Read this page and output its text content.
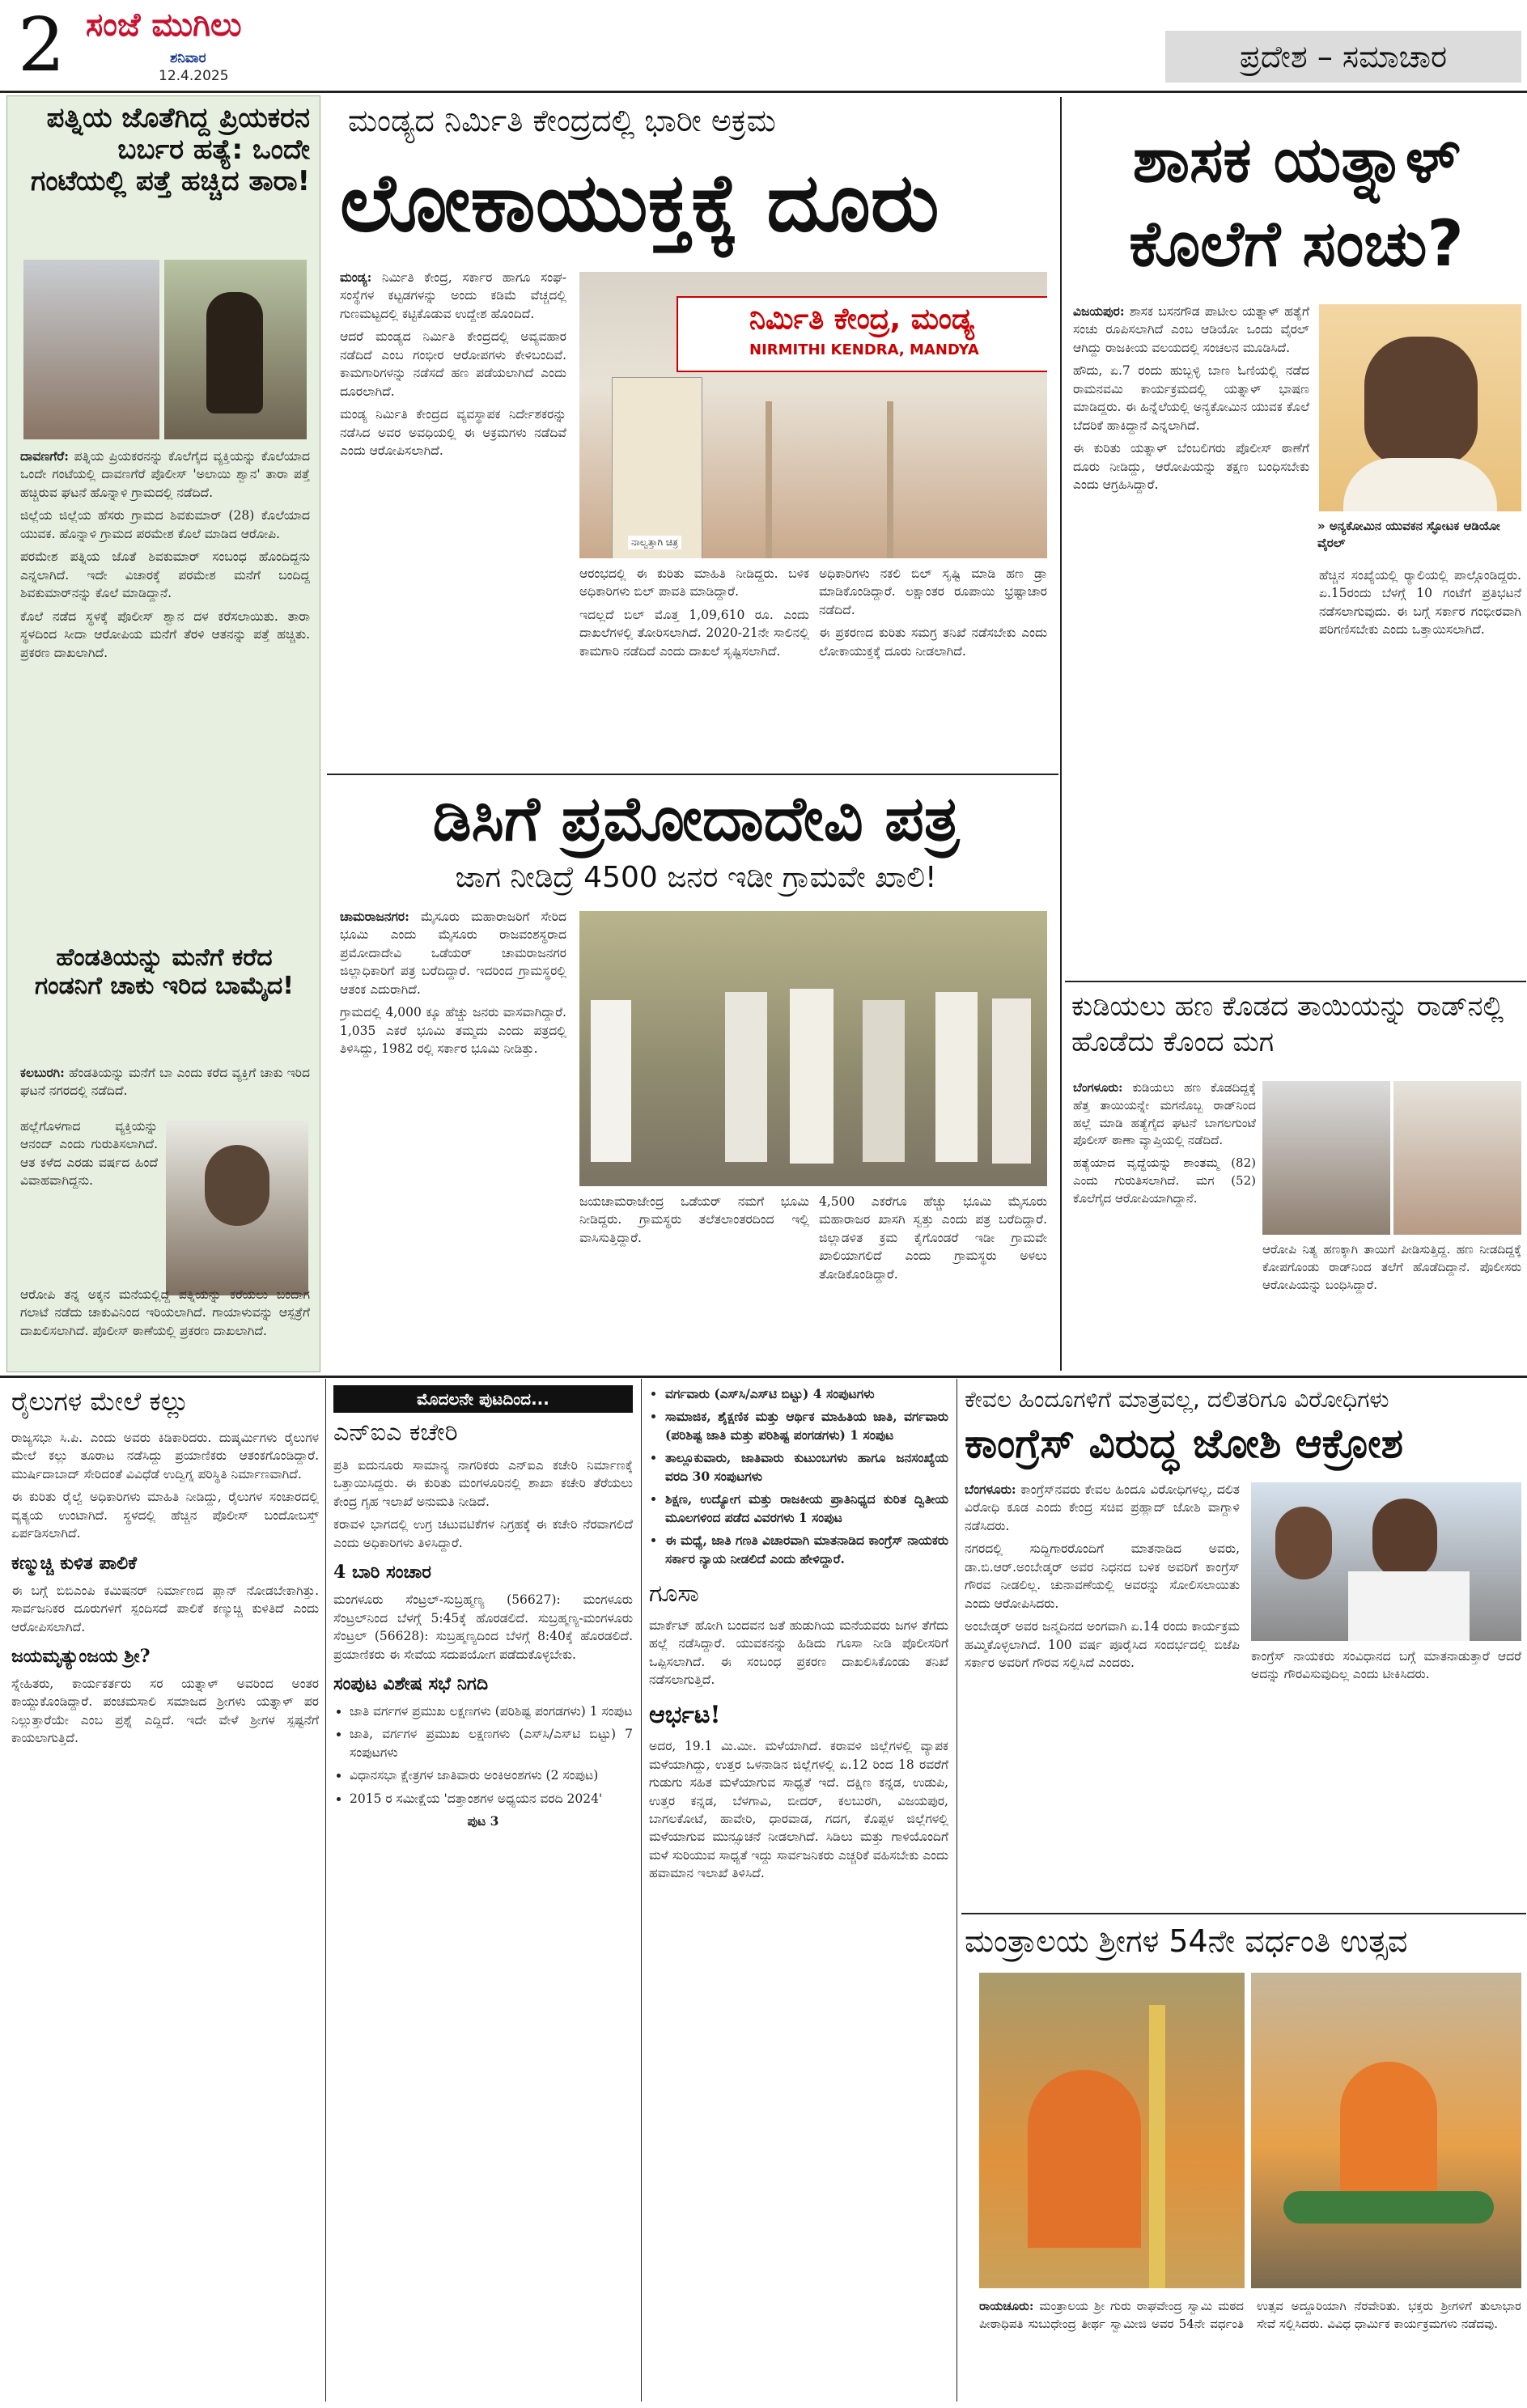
2 ಸಂಜೆ ಮುಗಿಲು
ಶನಿವಾರ
12.4.2025
ಪ್ರದೇಶ – ಸಮಾಚಾರ
ಪತ್ನಿಯ ಜೊತೆಗಿದ್ದ ಪ್ರಿಯಕರನ ಬರ್ಬರ ಹತ್ಯೆ: ಒಂದೇ ಗಂಟೆಯಲ್ಲಿ ಪತ್ತೆ ಹಚ್ಚಿದ ತಾರಾ!

ದಾವಣಗೆರೆ: ಪತ್ನಿಯ ಪ್ರಿಯಕರನನ್ನು ಕೊಲೆಗೈದ ವ್ಯಕ್ತಿಯನ್ನು ಕೊಲೆಯಾದ ಒಂದೇ ಗಂಟೆಯಲ್ಲಿ ದಾವಣಗೆರೆ ಪೊಲೀಸ್ 'ಅಲಾಯಿ ಶ್ವಾನ' ತಾರಾ ಪತ್ತೆ ಹಚ್ಚಿರುವ ಘಟನೆ ಹೊನ್ನಾಳಿ ಗ್ರಾಮದಲ್ಲಿ ನಡೆದಿದೆ.

ಜಿಲ್ಲೆಯ ಜಿಲ್ಲೆಯ ಹೆಸರು ಗ್ರಾಮದ ಶಿವಕುಮಾರ್ (28) ಕೊಲೆಯಾದ ಯುವಕ. ಹೊನ್ನಾಳಿ ಗ್ರಾಮದ ಪರಮೇಶ ಕೊಲೆ ಮಾಡಿದ ಆರೋಪಿ.

ಪರಮೇಶ ಪತ್ನಿಯ ಜೊತೆ ಶಿವಕುಮಾರ್ ಸಂಬಂಧ ಹೊಂದಿದ್ದನು ಎನ್ನಲಾಗಿದೆ. ಇದೇ ವಿಚಾರಕ್ಕೆ ಪರಮೇಶ ಮನೆಗೆ ಬಂದಿದ್ದ ಶಿವಕುಮಾರ್‌ನನ್ನು ಕೊಲೆ ಮಾಡಿದ್ದಾನೆ.

ಕೊಲೆ ನಡೆದ ಸ್ಥಳಕ್ಕೆ ಪೊಲೀಸ್ ಶ್ವಾನ ದಳ ಕರೆಸಲಾಯಿತು. ತಾರಾ ಸ್ಥಳದಿಂದ ಸೀದಾ ಆರೋಪಿಯ ಮನೆಗೆ ತೆರಳಿ ಆತನನ್ನು ಪತ್ತೆ ಹಚ್ಚಿತು. ಪ್ರಕರಣ ದಾಖಲಾಗಿದೆ.

ಹೆಂಡತಿಯನ್ನು ಮನೆಗೆ ಕರೆದ ಗಂಡನಿಗೆ ಚಾಕು ಇರಿದ ಬಾಮೈದ!

ಕಲಬುರಗಿ: ಹೆಂಡತಿಯನ್ನು ಮನೆಗೆ ಬಾ ಎಂದು ಕರೆದ ವ್ಯಕ್ತಿಗೆ ಚಾಕು ಇರಿದ ಘಟನೆ ನಗರದಲ್ಲಿ ನಡೆದಿದೆ.

ಹಲ್ಲೆಗೊಳಗಾದ ವ್ಯಕ್ತಿಯನ್ನು ಆನಂದ್ ಎಂದು ಗುರುತಿಸಲಾಗಿದೆ. ಆತ ಕಳೆದ ಎರಡು ವರ್ಷದ ಹಿಂದೆ ವಿವಾಹವಾಗಿದ್ದನು.

ಆರೋಪಿ ತನ್ನ ಅಕ್ಕನ ಮನೆಯಲ್ಲಿದ್ದ ಪತ್ನಿಯನ್ನು ಕರೆಯಲು ಬಂದಾಗ ಗಲಾಟೆ ನಡೆದು ಚಾಕುವಿನಿಂದ ಇರಿಯಲಾಗಿದೆ. ಗಾಯಾಳುವನ್ನು ಆಸ್ಪತ್ರೆಗೆ ದಾಖಲಿಸಲಾಗಿದೆ. ಪೊಲೀಸ್ ಠಾಣೆಯಲ್ಲಿ ಪ್ರಕರಣ ದಾಖಲಾಗಿದೆ.

ಮಂಡ್ಯದ ನಿರ್ಮಿತಿ ಕೇಂದ್ರದಲ್ಲಿ ಭಾರೀ ಅಕ್ರಮ
ಲೋಕಾಯುಕ್ತಕ್ಕೆ ದೂರು

ಮಂಡ್ಯ: ನಿರ್ಮಿತಿ ಕೇಂದ್ರ, ಸರ್ಕಾರ ಹಾಗೂ ಸಂಘ-ಸಂಸ್ಥೆಗಳ ಕಟ್ಟಡಗಳನ್ನು ಅಂದು ಕಡಿಮೆ ವೆಚ್ಚದಲ್ಲಿ ಗುಣಮಟ್ಟದಲ್ಲಿ ಕಟ್ಟಿಕೊಡುವ ಉದ್ದೇಶ ಹೊಂದಿದೆ.

ಆದರೆ ಮಂಡ್ಯದ ನಿರ್ಮಿತಿ ಕೇಂದ್ರದಲ್ಲಿ ಅವ್ಯವಹಾರ ನಡೆದಿದೆ ಎಂಬ ಗಂಭೀರ ಆರೋಪಗಳು ಕೇಳಿಬಂದಿವೆ. ಕಾಮಗಾರಿಗಳನ್ನು ನಡೆಸದೆ ಹಣ ಪಡೆಯಲಾಗಿದೆ ಎಂದು ದೂರಲಾಗಿದೆ.

ಮಂಡ್ಯ ನಿರ್ಮಿತಿ ಕೇಂದ್ರದ ವ್ಯವಸ್ಥಾಪಕ ನಿರ್ದೇಶಕರನ್ನು ನಡೆಸಿದ ಅವರ ಅವಧಿಯಲ್ಲಿ ಈ ಅಕ್ರಮಗಳು ನಡೆದಿವೆ ಎಂದು ಆರೋಪಿಸಲಾಗಿದೆ.

ನಿರ್ಮಿತಿ ಕೇಂದ್ರ, ಮಂಡ್ಯ
NIRMITHI KENDRA, MANDYA
ನಾಲ್ವತ್ತಾಗಿ ಚಿತ್ರ

ಆರಂಭದಲ್ಲಿ ಈ ಕುರಿತು ಮಾಹಿತಿ ನೀಡಿದ್ದರು. ಬಳಿಕ ಅಧಿಕಾರಿಗಳು ಬಿಲ್ ಪಾವತಿ ಮಾಡಿದ್ದಾರೆ.

ಇದಲ್ಲದೆ ಬಿಲ್ ಮೊತ್ತ 1,09,610 ರೂ. ಎಂದು ದಾಖಲೆಗಳಲ್ಲಿ ತೋರಿಸಲಾಗಿದೆ. 2020-21ನೇ ಸಾಲಿನಲ್ಲಿ ಕಾಮಗಾರಿ ನಡೆದಿದೆ ಎಂದು ದಾಖಲೆ ಸೃಷ್ಟಿಸಲಾಗಿದೆ.

ಅಧಿಕಾರಿಗಳು ನಕಲಿ ಬಿಲ್ ಸೃಷ್ಟಿ ಮಾಡಿ ಹಣ ಡ್ರಾ ಮಾಡಿಕೊಂಡಿದ್ದಾರೆ. ಲಕ್ಷಾಂತರ ರೂಪಾಯಿ ಭ್ರಷ್ಟಾಚಾರ ನಡೆದಿದೆ.

ಈ ಪ್ರಕರಣದ ಕುರಿತು ಸಮಗ್ರ ತನಿಖೆ ನಡೆಸಬೇಕು ಎಂದು ಲೋಕಾಯುಕ್ತಕ್ಕೆ ದೂರು ನೀಡಲಾಗಿದೆ.

ಶಾಸಕ ಯತ್ನಾಳ್ ಕೊಲೆಗೆ ಸಂಚು?

ವಿಜಯಪುರ: ಶಾಸಕ ಬಸನಗೌಡ ಪಾಟೀಲ ಯತ್ನಾಳ್ ಹತ್ಯೆಗೆ ಸಂಚು ರೂಪಿಸಲಾಗಿದೆ ಎಂಬ ಆಡಿಯೋ ಒಂದು ವೈರಲ್ ಆಗಿದ್ದು ರಾಜಕೀಯ ವಲಯದಲ್ಲಿ ಸಂಚಲನ ಮೂಡಿಸಿದೆ.

ಹೌದು, ಏ.7 ರಂದು ಹುಬ್ಬಳ್ಳಿ ಬಾಣ ಓಣಿಯಲ್ಲಿ ನಡೆದ ರಾಮನವಮಿ ಕಾರ್ಯಕ್ರಮದಲ್ಲಿ ಯತ್ನಾಳ್ ಭಾಷಣ ಮಾಡಿದ್ದರು. ಈ ಹಿನ್ನೆಲೆಯಲ್ಲಿ ಅನ್ಯಕೋಮಿನ ಯುವಕ ಕೊಲೆ ಬೆದರಿಕೆ ಹಾಕಿದ್ದಾನೆ ಎನ್ನಲಾಗಿದೆ.

ಈ ಕುರಿತು ಯತ್ನಾಳ್ ಬೆಂಬಲಿಗರು ಪೊಲೀಸ್ ಠಾಣೆಗೆ ದೂರು ನೀಡಿದ್ದು, ಆರೋಪಿಯನ್ನು ತಕ್ಷಣ ಬಂಧಿಸಬೇಕು ಎಂದು ಆಗ್ರಹಿಸಿದ್ದಾರೆ.

» ಅನ್ಯಕೋಮಿನ ಯುವಕನ ಸ್ಫೋಟಕ ಆಡಿಯೋ ವೈರಲ್

ಹೆಚ್ಚಿನ ಸಂಖ್ಯೆಯಲ್ಲಿ ರ್‍ಯಾಲಿಯಲ್ಲಿ ಪಾಲ್ಗೊಂಡಿದ್ದರು. ಏ.15ರಂದು ಬೆಳಗ್ಗೆ 10 ಗಂಟೆಗೆ ಪ್ರತಿಭಟನೆ ನಡೆಸಲಾಗುವುದು. ಈ ಬಗ್ಗೆ ಸರ್ಕಾರ ಗಂಭೀರವಾಗಿ ಪರಿಗಣಿಸಬೇಕು ಎಂದು ಒತ್ತಾಯಿಸಲಾಗಿದೆ.

ಕುಡಿಯಲು ಹಣ ಕೊಡದ ತಾಯಿಯನ್ನು ರಾಡ್‌ನಲ್ಲಿ ಹೊಡೆದು ಕೊಂದ ಮಗ

ಬೆಂಗಳೂರು: ಕುಡಿಯಲು ಹಣ ಕೊಡದಿದ್ದಕ್ಕೆ ಹೆತ್ತ ತಾಯಿಯನ್ನೇ ಮಗನೊಬ್ಬ ರಾಡ್‌ನಿಂದ ಹಲ್ಲೆ ಮಾಡಿ ಹತ್ಯೆಗೈದ ಘಟನೆ ಬಾಗಲಗುಂಟೆ ಪೊಲೀಸ್ ಠಾಣಾ ವ್ಯಾಪ್ತಿಯಲ್ಲಿ ನಡೆದಿದೆ.

ಹತ್ಯೆಯಾದ ವೃದ್ಧೆಯನ್ನು ಶಾಂತಮ್ಮ (82) ಎಂದು ಗುರುತಿಸಲಾಗಿದೆ. ಮಗ (52) ಕೊಲೆಗೈದ ಆರೋಪಿಯಾಗಿದ್ದಾನೆ.

ಆರೋಪಿ ನಿತ್ಯ ಹಣಕ್ಕಾಗಿ ತಾಯಿಗೆ ಪೀಡಿಸುತ್ತಿದ್ದ. ಹಣ ನೀಡದಿದ್ದಕ್ಕೆ ಕೋಪಗೊಂಡು ರಾಡ್‌ನಿಂದ ತಲೆಗೆ ಹೊಡೆದಿದ್ದಾನೆ. ಪೊಲೀಸರು ಆರೋಪಿಯನ್ನು ಬಂಧಿಸಿದ್ದಾರೆ.

ಡಿಸಿಗೆ ಪ್ರಮೋದಾದೇವಿ ಪತ್ರ
ಜಾಗ ನೀಡಿದ್ರೆ 4500 ಜನರ ಇಡೀ ಗ್ರಾಮವೇ ಖಾಲಿ!

ಚಾಮರಾಜನಗರ: ಮೈಸೂರು ಮಹಾರಾಜರಿಗೆ ಸೇರಿದ ಭೂಮಿ ಎಂದು ಮೈಸೂರು ರಾಜವಂಶಸ್ಥರಾದ ಪ್ರಮೋದಾದೇವಿ ಒಡೆಯರ್ ಚಾಮರಾಜನಗರ ಜಿಲ್ಲಾಧಿಕಾರಿಗೆ ಪತ್ರ ಬರೆದಿದ್ದಾರೆ. ಇದರಿಂದ ಗ್ರಾಮಸ್ಥರಲ್ಲಿ ಆತಂಕ ಎದುರಾಗಿದೆ.

ಗ್ರಾಮದಲ್ಲಿ 4,000 ಕ್ಕೂ ಹೆಚ್ಚು ಜನರು ವಾಸವಾಗಿದ್ದಾರೆ. 1,035 ಎಕರೆ ಭೂಮಿ ತಮ್ಮದು ಎಂದು ಪತ್ರದಲ್ಲಿ ತಿಳಿಸಿದ್ದು, 1982 ರಲ್ಲಿ ಸರ್ಕಾರ ಭೂಮಿ ನೀಡಿತ್ತು.

ಜಯಚಾಮರಾಜೇಂದ್ರ ಒಡೆಯರ್ ನಮಗೆ ಭೂಮಿ ನೀಡಿದ್ದರು. ಗ್ರಾಮಸ್ಥರು ತಲೆತಲಾಂತರದಿಂದ ಇಲ್ಲಿ ವಾಸಿಸುತ್ತಿದ್ದಾರೆ.

4,500 ಎಕರೆಗೂ ಹೆಚ್ಚು ಭೂಮಿ ಮೈಸೂರು ಮಹಾರಾಜರ ಖಾಸಗಿ ಸ್ವತ್ತು ಎಂದು ಪತ್ರ ಬರೆದಿದ್ದಾರೆ. ಜಿಲ್ಲಾಡಳಿತ ಕ್ರಮ ಕೈಗೊಂಡರೆ ಇಡೀ ಗ್ರಾಮವೇ ಖಾಲಿಯಾಗಲಿದೆ ಎಂದು ಗ್ರಾಮಸ್ಥರು ಅಳಲು ತೋಡಿಕೊಂಡಿದ್ದಾರೆ.

ರೈಲುಗಳ ಮೇಲೆ ಕಲ್ಲು

ರಾಜ್ಯಸಭಾ ಸಿ.ಪಿ. ಎಂದು ಅವರು ಕಿಡಿಕಾರಿದರು. ದುಷ್ಕರ್ಮಿಗಳು ರೈಲುಗಳ ಮೇಲೆ ಕಲ್ಲು ತೂರಾಟ ನಡೆಸಿದ್ದು ಪ್ರಯಾಣಿಕರು ಆತಂಕಗೊಂಡಿದ್ದಾರೆ. ಮುರ್ಷಿದಾಬಾದ್ ಸೇರಿದಂತೆ ವಿವಿಧೆಡೆ ಉದ್ವಿಗ್ನ ಪರಿಸ್ಥಿತಿ ನಿರ್ಮಾಣವಾಗಿದೆ.

ಈ ಕುರಿತು ರೈಲ್ವೆ ಅಧಿಕಾರಿಗಳು ಮಾಹಿತಿ ನೀಡಿದ್ದು, ರೈಲುಗಳ ಸಂಚಾರದಲ್ಲಿ ವ್ಯತ್ಯಯ ಉಂಟಾಗಿದೆ. ಸ್ಥಳದಲ್ಲಿ ಹೆಚ್ಚಿನ ಪೊಲೀಸ್ ಬಂದೋಬಸ್ತ್ ಏರ್ಪಡಿಸಲಾಗಿದೆ.

ಕಣ್ಮುಚ್ಚಿ ಕುಳಿತ ಪಾಲಿಕೆ

ಈ ಬಗ್ಗೆ ಬಿಬಿಎಂಪಿ ಕಮಿಷನರ್ ನಿರ್ಮಾಣದ ಪ್ಲಾನ್ ನೋಡಬೇಕಾಗಿತ್ತು. ಸಾರ್ವಜನಿಕರ ದೂರುಗಳಿಗೆ ಸ್ಪಂದಿಸದೆ ಪಾಲಿಕೆ ಕಣ್ಮುಚ್ಚಿ ಕುಳಿತಿದೆ ಎಂದು ಆರೋಪಿಸಲಾಗಿದೆ.

ಜಯಮೃತ್ಯುಂಜಯ ಶ್ರೀ?

ಸ್ನೇಹಿತರು, ಕಾರ್ಯಕರ್ತರು ಸರ ಯತ್ನಾಳ್ ಅವರಿಂದ ಅಂತರ ಕಾಯ್ದುಕೊಂಡಿದ್ದಾರೆ. ಪಂಚಮಸಾಲಿ ಸಮಾಜದ ಶ್ರೀಗಳು ಯತ್ನಾಳ್ ಪರ ನಿಲ್ಲುತ್ತಾರೆಯೇ ಎಂಬ ಪ್ರಶ್ನೆ ಎದ್ದಿದೆ. ಇದೇ ವೇಳೆ ಶ್ರೀಗಳ ಸ್ಪಷ್ಟನೆಗೆ ಕಾಯಲಾಗುತ್ತಿದೆ.

ಮೊದಲನೇ ಪುಟದಿಂದ...
ಎನ್‌ಐಎ ಕಚೇರಿ

ಪ್ರತಿ ಐದುನೂರು ಸಾಮಾನ್ಯ ನಾಗರಿಕರು ಎನ್‌ಐಎ ಕಚೇರಿ ನಿರ್ಮಾಣಕ್ಕೆ ಒತ್ತಾಯಿಸಿದ್ದರು. ಈ ಕುರಿತು ಮಂಗಳೂರಿನಲ್ಲಿ ಶಾಖಾ ಕಚೇರಿ ತೆರೆಯಲು ಕೇಂದ್ರ ಗೃಹ ಇಲಾಖೆ ಅನುಮತಿ ನೀಡಿದೆ.

ಕರಾವಳಿ ಭಾಗದಲ್ಲಿ ಉಗ್ರ ಚಟುವಟಿಕೆಗಳ ನಿಗ್ರಹಕ್ಕೆ ಈ ಕಚೇರಿ ನೆರವಾಗಲಿದೆ ಎಂದು ಅಧಿಕಾರಿಗಳು ತಿಳಿಸಿದ್ದಾರೆ.

4 ಬಾರಿ ಸಂಚಾರ

ಮಂಗಳೂರು ಸೆಂಟ್ರಲ್-ಸುಬ್ರಹ್ಮಣ್ಯ (56627): ಮಂಗಳೂರು ಸೆಂಟ್ರಲ್‌ನಿಂದ ಬೆಳಗ್ಗೆ 5:45ಕ್ಕೆ ಹೊರಡಲಿದೆ. ಸುಬ್ರಹ್ಮಣ್ಯ-ಮಂಗಳೂರು ಸೆಂಟ್ರಲ್ (56628): ಸುಬ್ರಹ್ಮಣ್ಯದಿಂದ ಬೆಳಗ್ಗೆ 8:40ಕ್ಕೆ ಹೊರಡಲಿದೆ. ಪ್ರಯಾಣಿಕರು ಈ ಸೇವೆಯ ಸದುಪಯೋಗ ಪಡೆದುಕೊಳ್ಳಬೇಕು.

ಸಂಪುಟ ವಿಶೇಷ ಸಭೆ ನಿಗದಿ
• ಜಾತಿ ವರ್ಗಗಳ ಪ್ರಮುಖ ಲಕ್ಷಣಗಳು (ಪರಿಶಿಷ್ಟ ಪಂಗಡಗಳು) 1 ಸಂಪುಟ
• ಜಾತಿ, ವರ್ಗಗಳ ಪ್ರಮುಖ ಲಕ್ಷಣಗಳು (ಎಸ್‌ಸಿ/ಎಸ್‌ಟಿ ಬಿಟ್ಟು) 7 ಸಂಪುಟಗಳು
• ವಿಧಾನಸಭಾ ಕ್ಷೇತ್ರಗಳ ಜಾತಿವಾರು ಅಂಕಿಅಂಶಗಳು (2 ಸಂಪುಟ)
• 2015 ರ ಸಮೀಕ್ಷೆಯ 'ದತ್ತಾಂಶಗಳ ಅಧ್ಯಯನ ವರದಿ 2024'
ಪುಟ 3
• ವರ್ಗವಾರು (ಎಸ್‌ಸಿ/ಎಸ್‌ಟಿ ಬಿಟ್ಟು) 4 ಸಂಪುಟಗಳು
• ಸಾಮಾಜಿಕ, ಶೈಕ್ಷಣಿಕ ಮತ್ತು ಆರ್ಥಿಕ ಮಾಹಿತಿಯ ಜಾತಿ, ವರ್ಗವಾರು (ಪರಿಶಿಷ್ಟ ಜಾತಿ ಮತ್ತು ಪರಿಶಿಷ್ಟ ಪಂಗಡಗಳು) 1 ಸಂಪುಟ
• ತಾಲ್ಲೂಕುವಾರು, ಜಾತಿವಾರು ಕುಟುಂಬಗಳು ಹಾಗೂ ಜನಸಂಖ್ಯೆಯ ವರದಿ 30 ಸಂಪುಟಗಳು
• ಶಿಕ್ಷಣ, ಉದ್ಯೋಗ ಮತ್ತು ರಾಜಕೀಯ ಪ್ರಾತಿನಿಧ್ಯದ ಕುರಿತ ದ್ವಿತೀಯ ಮೂಲಗಳಿಂದ ಪಡೆದ ವಿವರಗಳು 1 ಸಂಪುಟ
• ಈ ಮಧ್ಯೆ, ಜಾತಿ ಗಣತಿ ವಿಚಾರವಾಗಿ ಮಾತನಾಡಿದ ಕಾಂಗ್ರೆಸ್ ನಾಯಕರು ಸರ್ಕಾರ ನ್ಯಾಯ ನೀಡಲಿದೆ ಎಂದು ಹೇಳಿದ್ದಾರೆ.
ಗೂಸಾ

ಮಾರ್ಕೆಟ್ ಹೋಗಿ ಬಂದವನ ಜತೆ ಹುಡುಗಿಯ ಮನೆಯವರು ಜಗಳ ತೆಗೆದು ಹಲ್ಲೆ ನಡೆಸಿದ್ದಾರೆ. ಯುವಕನನ್ನು ಹಿಡಿದು ಗೂಸಾ ನೀಡಿ ಪೊಲೀಸರಿಗೆ ಒಪ್ಪಿಸಲಾಗಿದೆ. ಈ ಸಂಬಂಧ ಪ್ರಕರಣ ದಾಖಲಿಸಿಕೊಂಡು ತನಿಖೆ ನಡೆಸಲಾಗುತ್ತಿದೆ.

ಆರ್ಭಟ!

ಅದರ, 19.1 ಮಿ.ಮೀ. ಮಳೆಯಾಗಿದೆ. ಕರಾವಳಿ ಜಿಲ್ಲೆಗಳಲ್ಲಿ ವ್ಯಾಪಕ ಮಳೆಯಾಗಿದ್ದು, ಉತ್ತರ ಒಳನಾಡಿನ ಜಿಲ್ಲೆಗಳಲ್ಲಿ ಏ.12 ರಿಂದ 18 ರವರೆಗೆ ಗುಡುಗು ಸಹಿತ ಮಳೆಯಾಗುವ ಸಾಧ್ಯತೆ ಇದೆ. ದಕ್ಷಿಣ ಕನ್ನಡ, ಉಡುಪಿ, ಉತ್ತರ ಕನ್ನಡ, ಬೆಳಗಾವಿ, ಬೀದರ್, ಕಲಬುರಗಿ, ವಿಜಯಪುರ, ಬಾಗಲಕೋಟೆ, ಹಾವೇರಿ, ಧಾರವಾಡ, ಗದಗ, ಕೊಪ್ಪಳ ಜಿಲ್ಲೆಗಳಲ್ಲಿ ಮಳೆಯಾಗುವ ಮುನ್ಸೂಚನೆ ನೀಡಲಾಗಿದೆ. ಸಿಡಿಲು ಮತ್ತು ಗಾಳಿಯೊಂದಿಗೆ ಮಳೆ ಸುರಿಯುವ ಸಾಧ್ಯತೆ ಇದ್ದು ಸಾರ್ವಜನಿಕರು ಎಚ್ಚರಿಕೆ ವಹಿಸಬೇಕು ಎಂದು ಹವಾಮಾನ ಇಲಾಖೆ ತಿಳಿಸಿದೆ.

ಕೇವಲ ಹಿಂದೂಗಳಿಗೆ ಮಾತ್ರವಲ್ಲ, ದಲಿತರಿಗೂ ವಿರೋಧಿಗಳು
ಕಾಂಗ್ರೆಸ್ ವಿರುದ್ಧ ಜೋಶಿ ಆಕ್ರೋಶ

ಬೆಂಗಳೂರು: ಕಾಂಗ್ರೆಸ್‌ನವರು ಕೇವಲ ಹಿಂದೂ ವಿರೋಧಿಗಳಲ್ಲ, ದಲಿತ ವಿರೋಧಿ ಕೂಡ ಎಂದು ಕೇಂದ್ರ ಸಚಿವ ಪ್ರಹ್ಲಾದ್ ಜೋಶಿ ವಾಗ್ದಾಳಿ ನಡೆಸಿದರು.

ನಗರದಲ್ಲಿ ಸುದ್ದಿಗಾರರೊಂದಿಗೆ ಮಾತನಾಡಿದ ಅವರು, ಡಾ.ಬಿ.ಆರ್.ಅಂಬೇಡ್ಕರ್ ಅವರ ನಿಧನದ ಬಳಿಕ ಅವರಿಗೆ ಕಾಂಗ್ರೆಸ್ ಗೌರವ ನೀಡಲಿಲ್ಲ. ಚುನಾವಣೆಯಲ್ಲಿ ಅವರನ್ನು ಸೋಲಿಸಲಾಯಿತು ಎಂದು ಆರೋಪಿಸಿದರು.

ಅಂಬೇಡ್ಕರ್ ಅವರ ಜನ್ಮದಿನದ ಅಂಗವಾಗಿ ಏ.14 ರಂದು ಕಾರ್ಯಕ್ರಮ ಹಮ್ಮಿಕೊಳ್ಳಲಾಗಿದೆ. 100 ವರ್ಷ ಪೂರೈಸಿದ ಸಂದರ್ಭದಲ್ಲಿ ಬಿಜೆಪಿ ಸರ್ಕಾರ ಅವರಿಗೆ ಗೌರವ ಸಲ್ಲಿಸಿದೆ ಎಂದರು.	ಕಾಂಗ್ರೆಸ್ ನಾಯಕರು ಸಂವಿಧಾನದ ಬಗ್ಗೆ ಮಾತನಾಡುತ್ತಾರೆ ಆದರೆ ಅದನ್ನು ಗೌರವಿಸುವುದಿಲ್ಲ ಎಂದು ಟೀಕಿಸಿದರು.

ಮಂತ್ರಾಲಯ ಶ್ರೀಗಳ 54ನೇ ವರ್ಧಂತಿ ಉತ್ಸವ

ರಾಯಚೂರು: ಮಂತ್ರಾಲಯ ಶ್ರೀ ಗುರು ರಾಘವೇಂದ್ರ ಸ್ವಾಮಿ ಮಠದ ಪೀಠಾಧಿಪತಿ ಸುಬುಧೇಂದ್ರ ತೀರ್ಥ ಸ್ವಾಮೀಜಿ ಅವರ 54ನೇ ವರ್ಧಂತಿ ಉತ್ಸವ ಅದ್ದೂರಿಯಾಗಿ ನೆರವೇರಿತು. ಭಕ್ತರು ಶ್ರೀಗಳಿಗೆ ತುಲಾಭಾರ ಸೇವೆ ಸಲ್ಲಿಸಿದರು. ವಿವಿಧ ಧಾರ್ಮಿಕ ಕಾರ್ಯಕ್ರಮಗಳು ನಡೆದವು.
